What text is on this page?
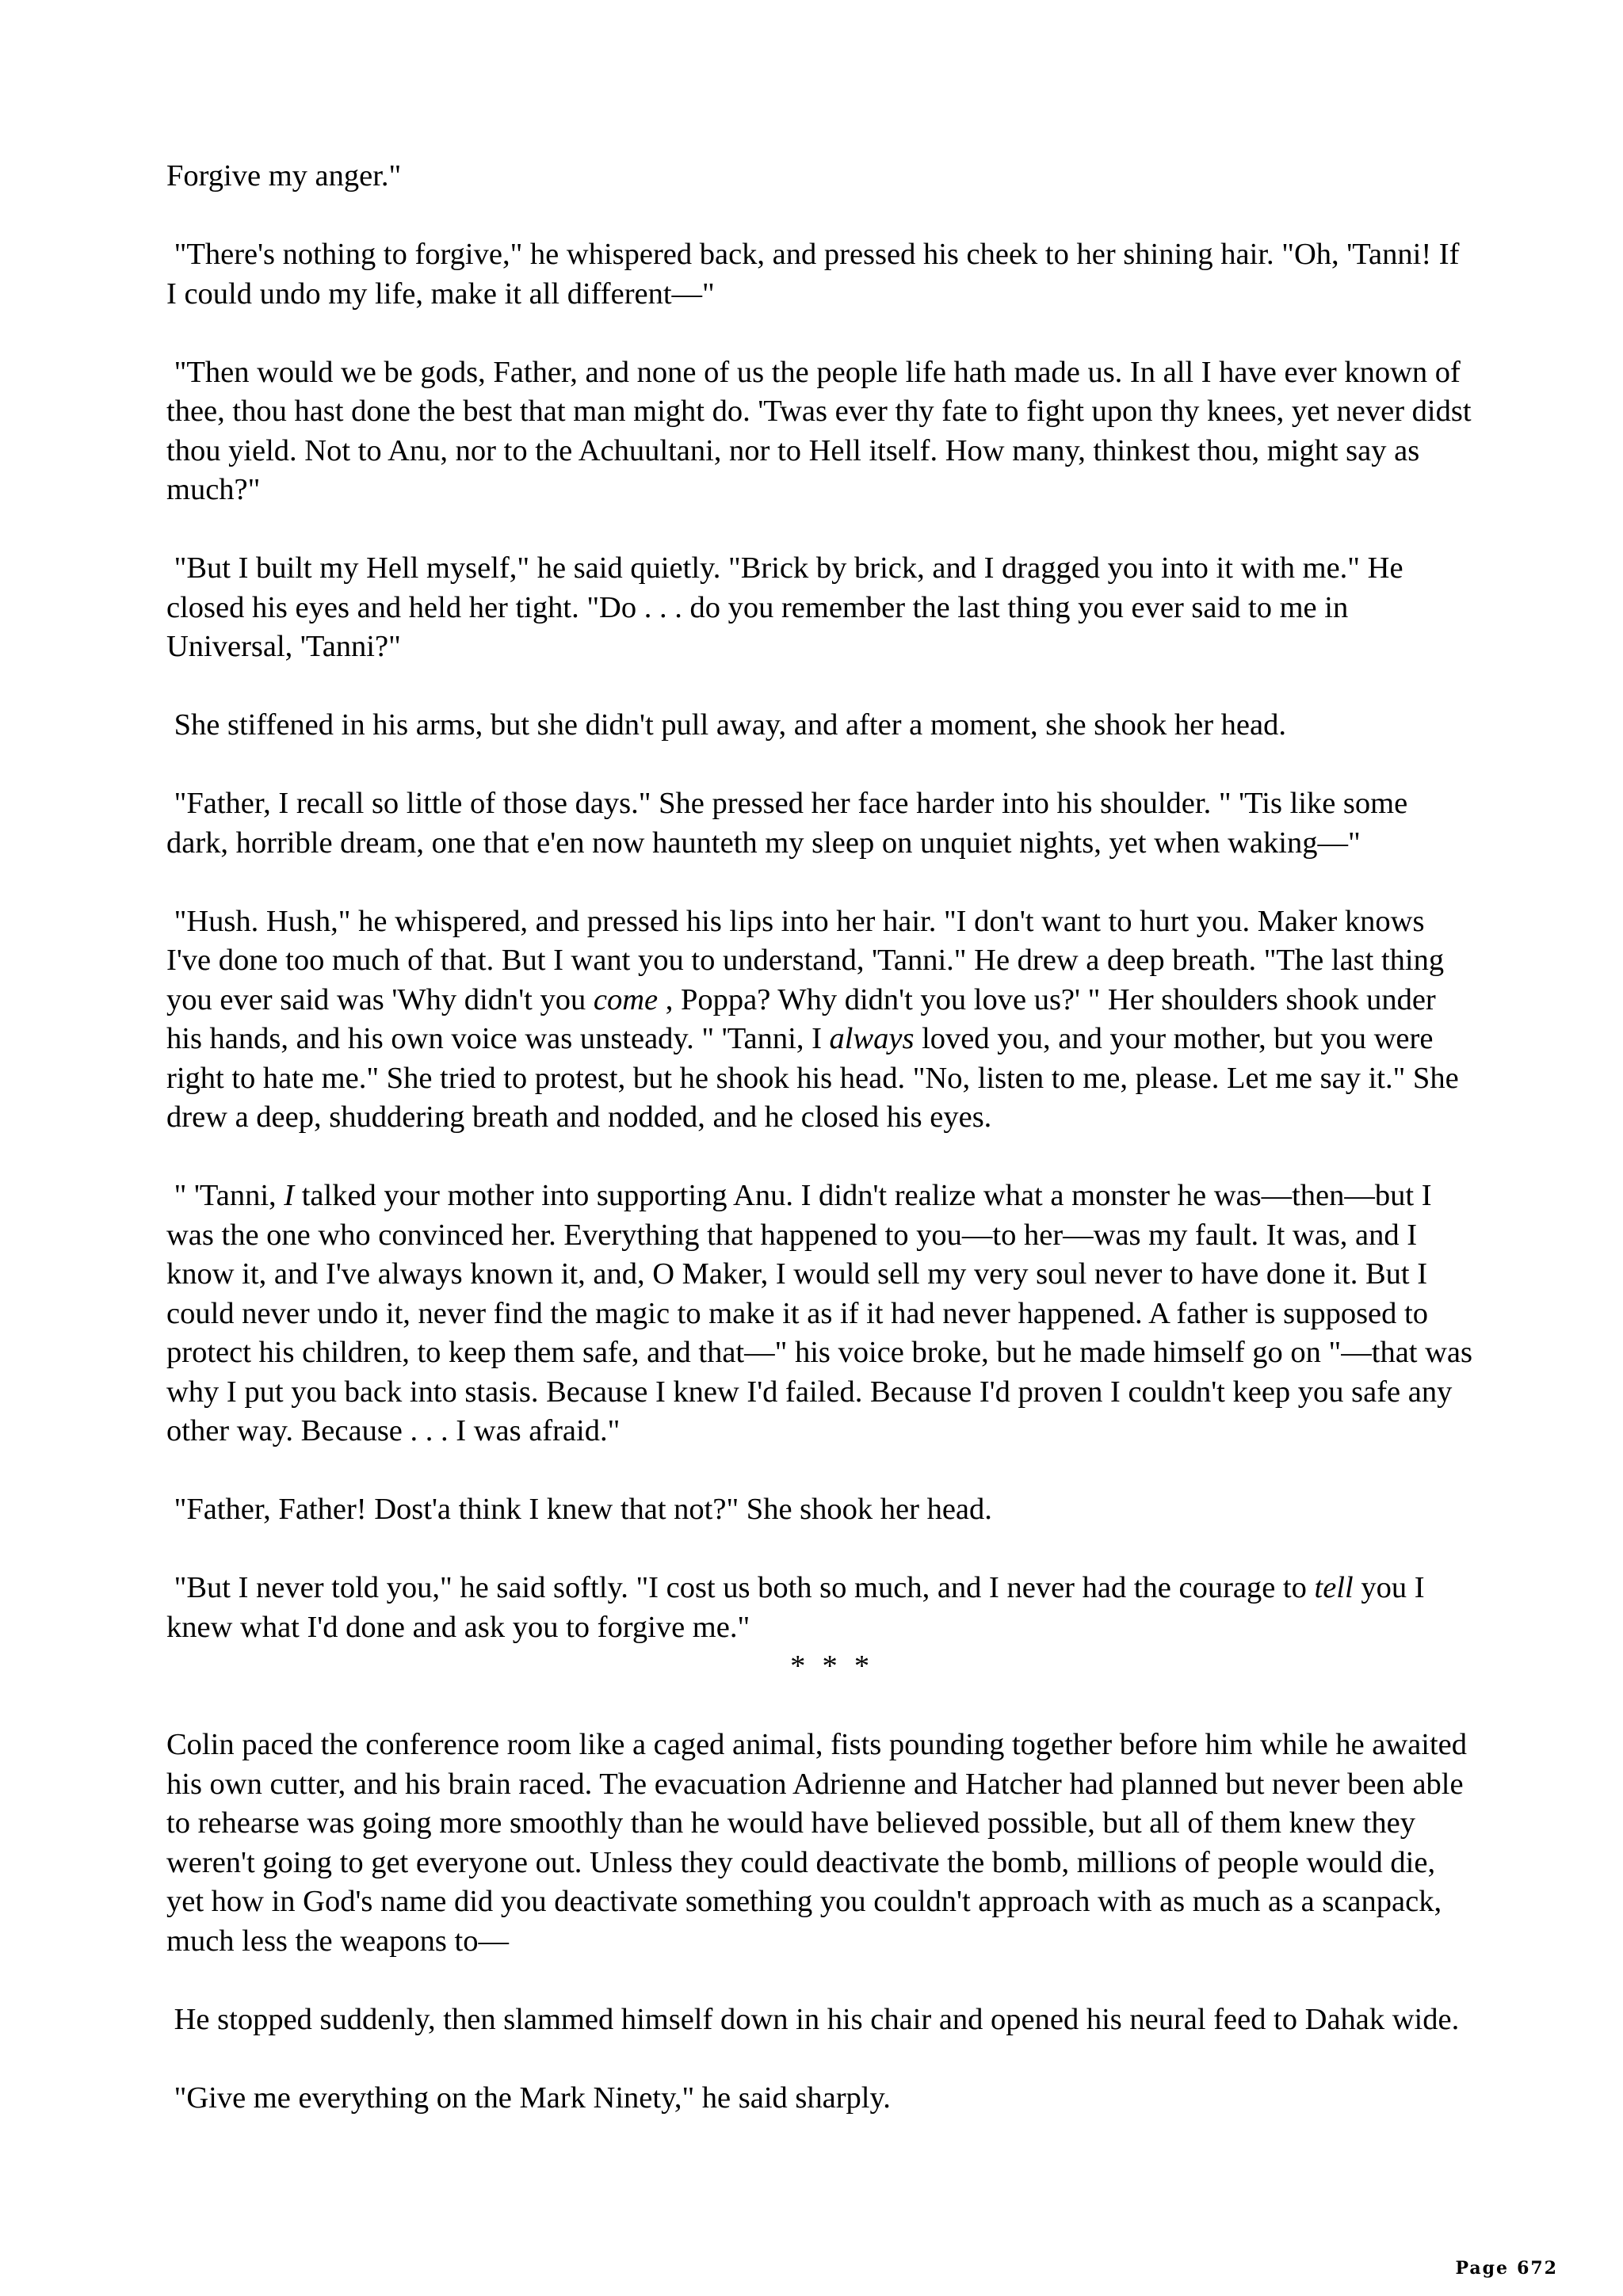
Forgive my anger."

"There's nothing to forgive," he whispered back, and pressed his cheek to her shining hair. "Oh, 'Tanni! If I could undo my life, make it all different—"

"Then would we be gods, Father, and none of us the people life hath made us. In all I have ever known of thee, thou hast done the best that man might do. 'Twas ever thy fate to fight upon thy knees, yet never didst thou yield. Not to Anu, nor to the Achuultani, nor to Hell itself. How many, thinkest thou, might say as much?"

"But I built my Hell myself," he said quietly. "Brick by brick, and I dragged you into it with me." He closed his eyes and held her tight. "Do . . . do you remember the last thing you ever said to me in Universal, 'Tanni?"

She stiffened in his arms, but she didn't pull away, and after a moment, she shook her head.

"Father, I recall so little of those days." She pressed her face harder into his shoulder. " 'Tis like some dark, horrible dream, one that e'en now haunteth my sleep on unquiet nights, yet when waking—"

"Hush. Hush," he whispered, and pressed his lips into her hair. "I don't want to hurt you. Maker knows I've done too much of that. But I want you to understand, 'Tanni." He drew a deep breath. "The last thing you ever said was 'Why didn't you come , Poppa? Why didn't you love us?' " Her shoulders shook under his hands, and his own voice was unsteady. " 'Tanni, I always loved you, and your mother, but you were right to hate me." She tried to protest, but he shook his head. "No, listen to me, please. Let me say it." She drew a deep, shuddering breath and nodded, and he closed his eyes.

" 'Tanni, I talked your mother into supporting Anu. I didn't realize what a monster he was—then—but I was the one who convinced her. Everything that happened to you—to her—was my fault. It was, and I know it, and I've always known it, and, O Maker, I would sell my very soul never to have done it. But I could never undo it, never find the magic to make it as if it had never happened. A father is supposed to protect his children, to keep them safe, and that—" his voice broke, but he made himself go on "—that was why I put you back into stasis. Because I knew I'd failed. Because I'd proven I couldn't keep you safe any other way. Because . . . I was afraid."

"Father, Father! Dost'a think I knew that not?" She shook her head.

"But I never told you," he said softly. "I cost us both so much, and I never had the courage to tell you I knew what I'd done and ask you to forgive me."

* * *

Colin paced the conference room like a caged animal, fists pounding together before him while he awaited his own cutter, and his brain raced. The evacuation Adrienne and Hatcher had planned but never been able to rehearse was going more smoothly than he would have believed possible, but all of them knew they weren't going to get everyone out. Unless they could deactivate the bomb, millions of people would die, yet how in God's name did you deactivate something you couldn't approach with as much as a scanpack, much less the weapons to—

He stopped suddenly, then slammed himself down in his chair and opened his neural feed to Dahak wide.

"Give me everything on the Mark Ninety," he said sharply.

Page 672
